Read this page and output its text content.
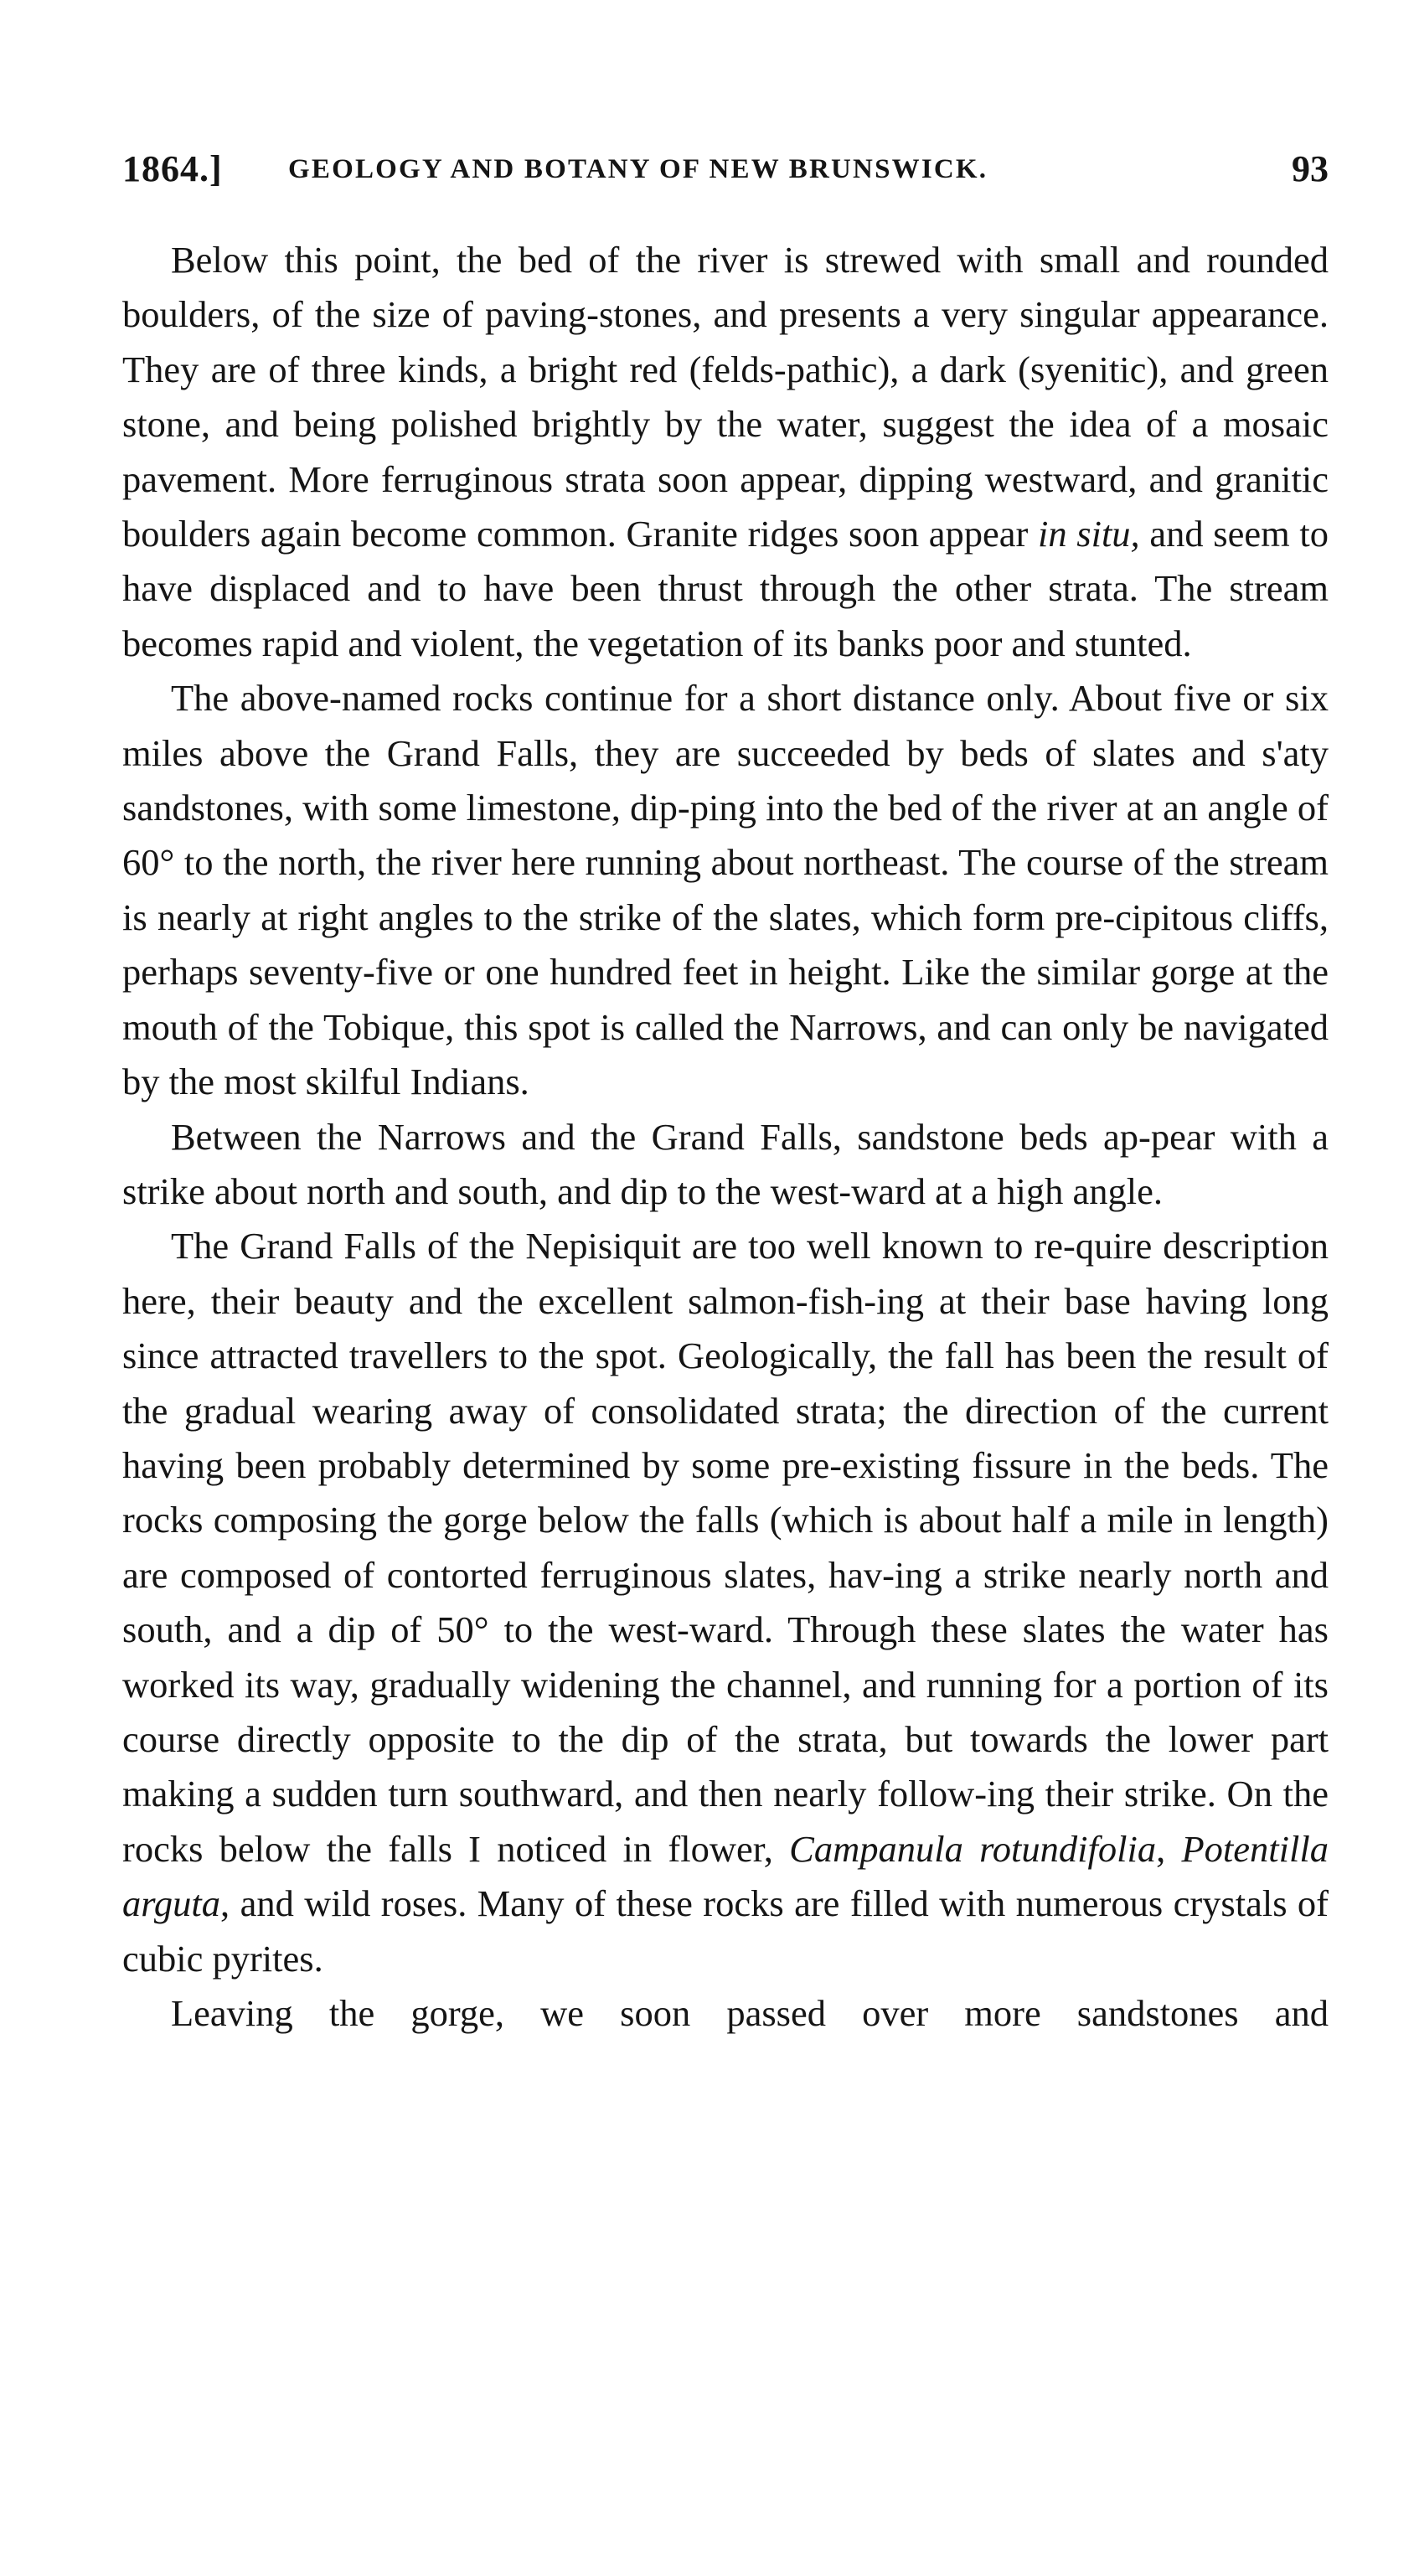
1864.] GEOLOGY AND BOTANY OF NEW BRUNSWICK.	93

Below this point, the bed of the river is strewed with small and rounded boulders, of the size of paving-stones, and presents a very singular appearance. They are of three kinds, a bright red (felds-pathic), a dark (syenitic), and green stone, and being polished brightly by the water, suggest the idea of a mosaic pavement. More ferruginous strata soon appear, dipping westward, and granitic boulders again become common. Granite ridges soon appear in situ, and seem to have displaced and to have been thrust through the other strata. The stream becomes rapid and violent, the vegetation of its banks poor and stunted.

The above-named rocks continue for a short distance only. About five or six miles above the Grand Falls, they are succeeded by beds of slates and s'aty sandstones, with some limestone, dip-ping into the bed of the river at an angle of 60° to the north, the river here running about northeast. The course of the stream is nearly at right angles to the strike of the slates, which form pre-cipitous cliffs, perhaps seventy-five or one hundred feet in height. Like the similar gorge at the mouth of the Tobique, this spot is called the Narrows, and can only be navigated by the most skilful Indians.

Between the Narrows and the Grand Falls, sandstone beds ap-pear with a strike about north and south, and dip to the west-ward at a high angle.

The Grand Falls of the Nepisiquit are too well known to re-quire description here, their beauty and the excellent salmon-fish-ing at their base having long since attracted travellers to the spot. Geologically, the fall has been the result of the gradual wearing away of consolidated strata; the direction of the current having been probably determined by some pre-existing fissure in the beds. The rocks composing the gorge below the falls (which is about half a mile in length) are composed of contorted ferruginous slates, hav-ing a strike nearly north and south, and a dip of 50° to the west-ward. Through these slates the water has worked its way, gradually widening the channel, and running for a portion of its course directly opposite to the dip of the strata, but towards the lower part making a sudden turn southward, and then nearly follow-ing their strike. On the rocks below the falls I noticed in flower, Campanula rotundifolia, Potentilla arguta, and wild roses. Many of these rocks are filled with numerous crystals of cubic pyrites.

Leaving the gorge, we soon passed over more sandstones and
